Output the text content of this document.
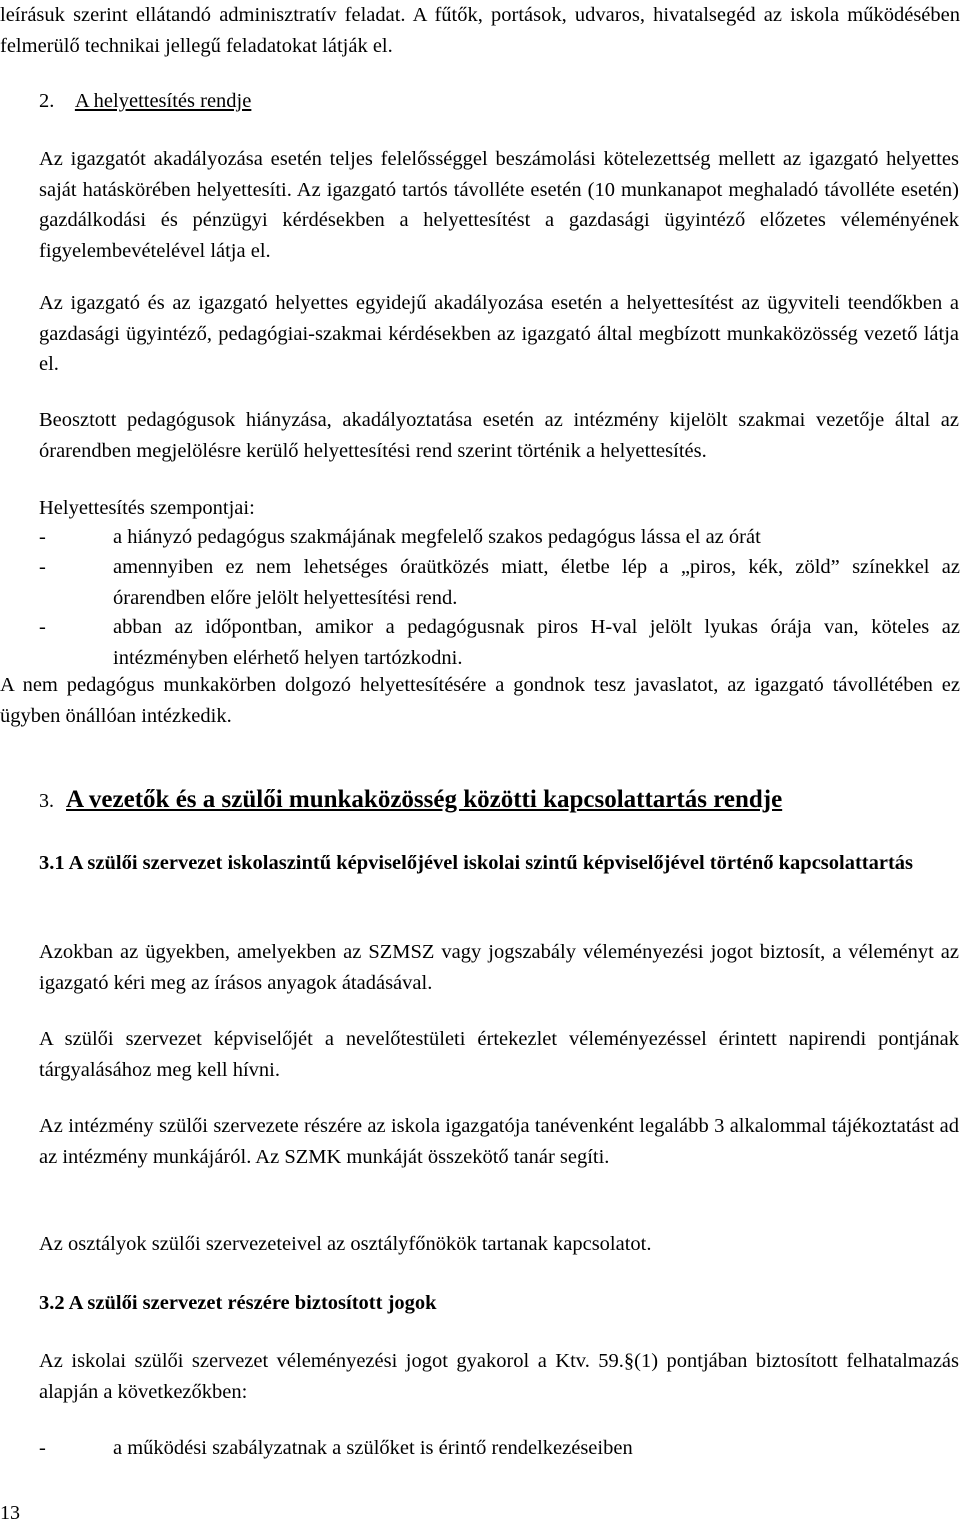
leírásuk szerint ellátandó adminisztratív feladat. A fűtők, portások, udvaros, hivatalsegéd az iskola működésében felmerülő technikai jellegű feladatokat látják el.

2. A helyettesítés rendje

Az igazgatót akadályozása esetén teljes felelősséggel beszámolási kötelezettség mellett az igazgató helyettes saját hatáskörében helyettesíti. Az igazgató tartós távolléte esetén (10 munkanapot meghaladó távolléte esetén) gazdálkodási és pénzügyi kérdésekben a helyettesítést a gazdasági ügyintéző előzetes véleményének figyelembevételével látja el.

Az igazgató és az igazgató helyettes egyidejű akadályozása esetén a helyettesítést az ügyviteli teendőkben a gazdasági ügyintéző, pedagógiai-szakmai kérdésekben az igazgató által megbízott munkaközösség vezető látja el.

Beosztott pedagógusok hiányzása, akadályoztatása esetén az intézmény kijelölt szakmai vezetője által az órarendben megjelölésre kerülő helyettesítési rend szerint történik a helyettesítés.

Helyettesítés szempontjai:

-	a hiányzó pedagógus szakmájának megfelelő szakos pedagógus lássa el az órát
-	amennyiben ez nem lehetséges óraütközés miatt, életbe lép a „piros, kék, zöld” színekkel az órarendben előre jelölt helyettesítési rend.
-	abban az időpontban, amikor a pedagógusnak piros H-val jelölt lyukas órája van, köteles az intézményben elérhető helyen tartózkodni.

A nem pedagógus munkakörben dolgozó helyettesítésére a gondnok tesz javaslatot, az igazgató távollétében ez ügyben önállóan intézkedik.

3. A vezetők és a szülői munkaközösség közötti kapcsolattartás rendje

3.1 A szülői szervezet iskolaszintű képviselőjével iskolai szintű képviselőjével történő kapcsolattartás

Azokban az ügyekben, amelyekben az SZMSZ vagy jogszabály véleményezési jogot biztosít, a véleményt az igazgató kéri meg az írásos anyagok átadásával.

A szülői szervezet képviselőjét a nevelőtestületi értekezlet véleményezéssel érintett napirendi pontjának tárgyalásához meg kell hívni.

Az intézmény szülői szervezete részére az iskola igazgatója tanévenként legalább 3 alkalommal tájékoztatást ad az intézmény munkájáról. Az SZMK munkáját összekötő tanár segíti.

Az osztályok szülői szervezeteivel az osztályfőnökök tartanak kapcsolatot.

3.2 A szülői szervezet részére biztosított jogok

Az iskolai szülői szervezet véleményezési jogot gyakorol a Ktv. 59.§(1) pontjában biztosított felhatalmazás alapján a következőkben:

-	a működési szabályzatnak a szülőket is érintő rendelkezéseiben
13
